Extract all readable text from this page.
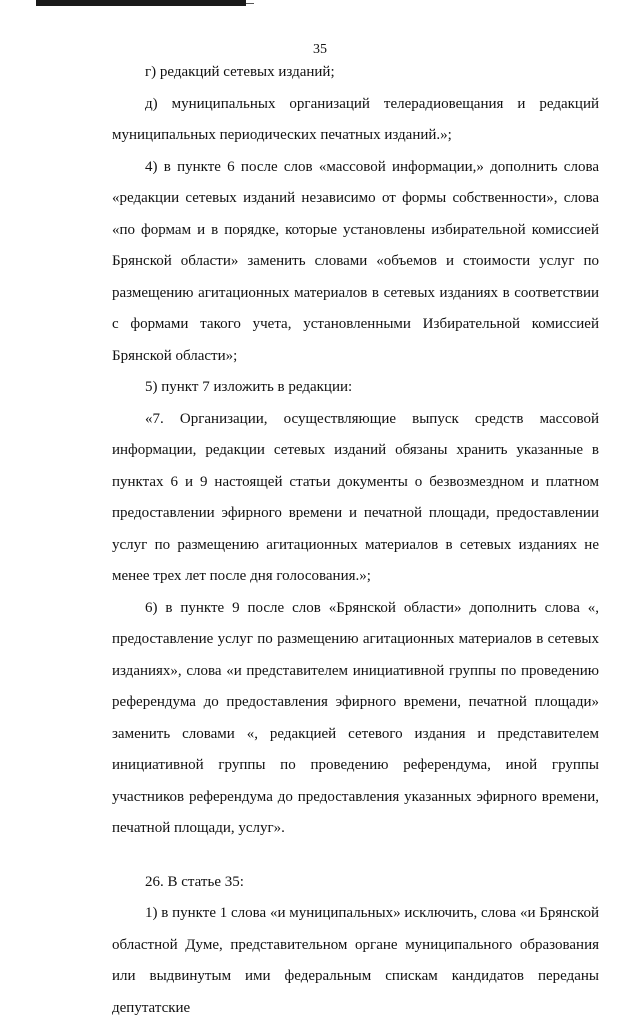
35

г) редакций сетевых изданий;

д) муниципальных организаций телерадиовещания и редакций муниципальных периодических печатных изданий.»;

4) в пункте 6 после слов «массовой информации,» дополнить слова «редакции сетевых изданий независимо от формы собственности», слова «по формам и в порядке, которые установлены избирательной комиссией Брянской области» заменить словами «объемов и стоимости услуг по размещению агитационных материалов в сетевых изданиях в соответствии с формами такого учета, установленными Избирательной комиссией Брянской области»;

5) пункт 7 изложить в редакции:

«7. Организации, осуществляющие выпуск средств массовой информации, редакции сетевых изданий обязаны хранить указанные в пунктах 6 и 9 настоящей статьи документы о безвозмездном и платном предоставлении эфирного времени и печатной площади, предоставлении услуг по размещению агитационных материалов в сетевых изданиях не менее трех лет после дня голосования.»;

6) в пункте 9 после слов «Брянской области» дополнить слова «, предоставление услуг по размещению агитационных материалов в сетевых изданиях», слова «и представителем инициативной группы по проведению референдума до предоставления эфирного времени, печатной площади» заменить словами «, редакцией сетевого издания и представителем инициативной группы по проведению референдума, иной группы участников референдума до предоставления указанных эфирного времени, печатной площади, услуг».

26. В статье 35:

1) в пункте 1 слова «и муниципальных» исключить, слова «и Брянской областной Думе, представительном органе муниципального образования или выдвинутым ими федеральным спискам кандидатов переданы депутатские
